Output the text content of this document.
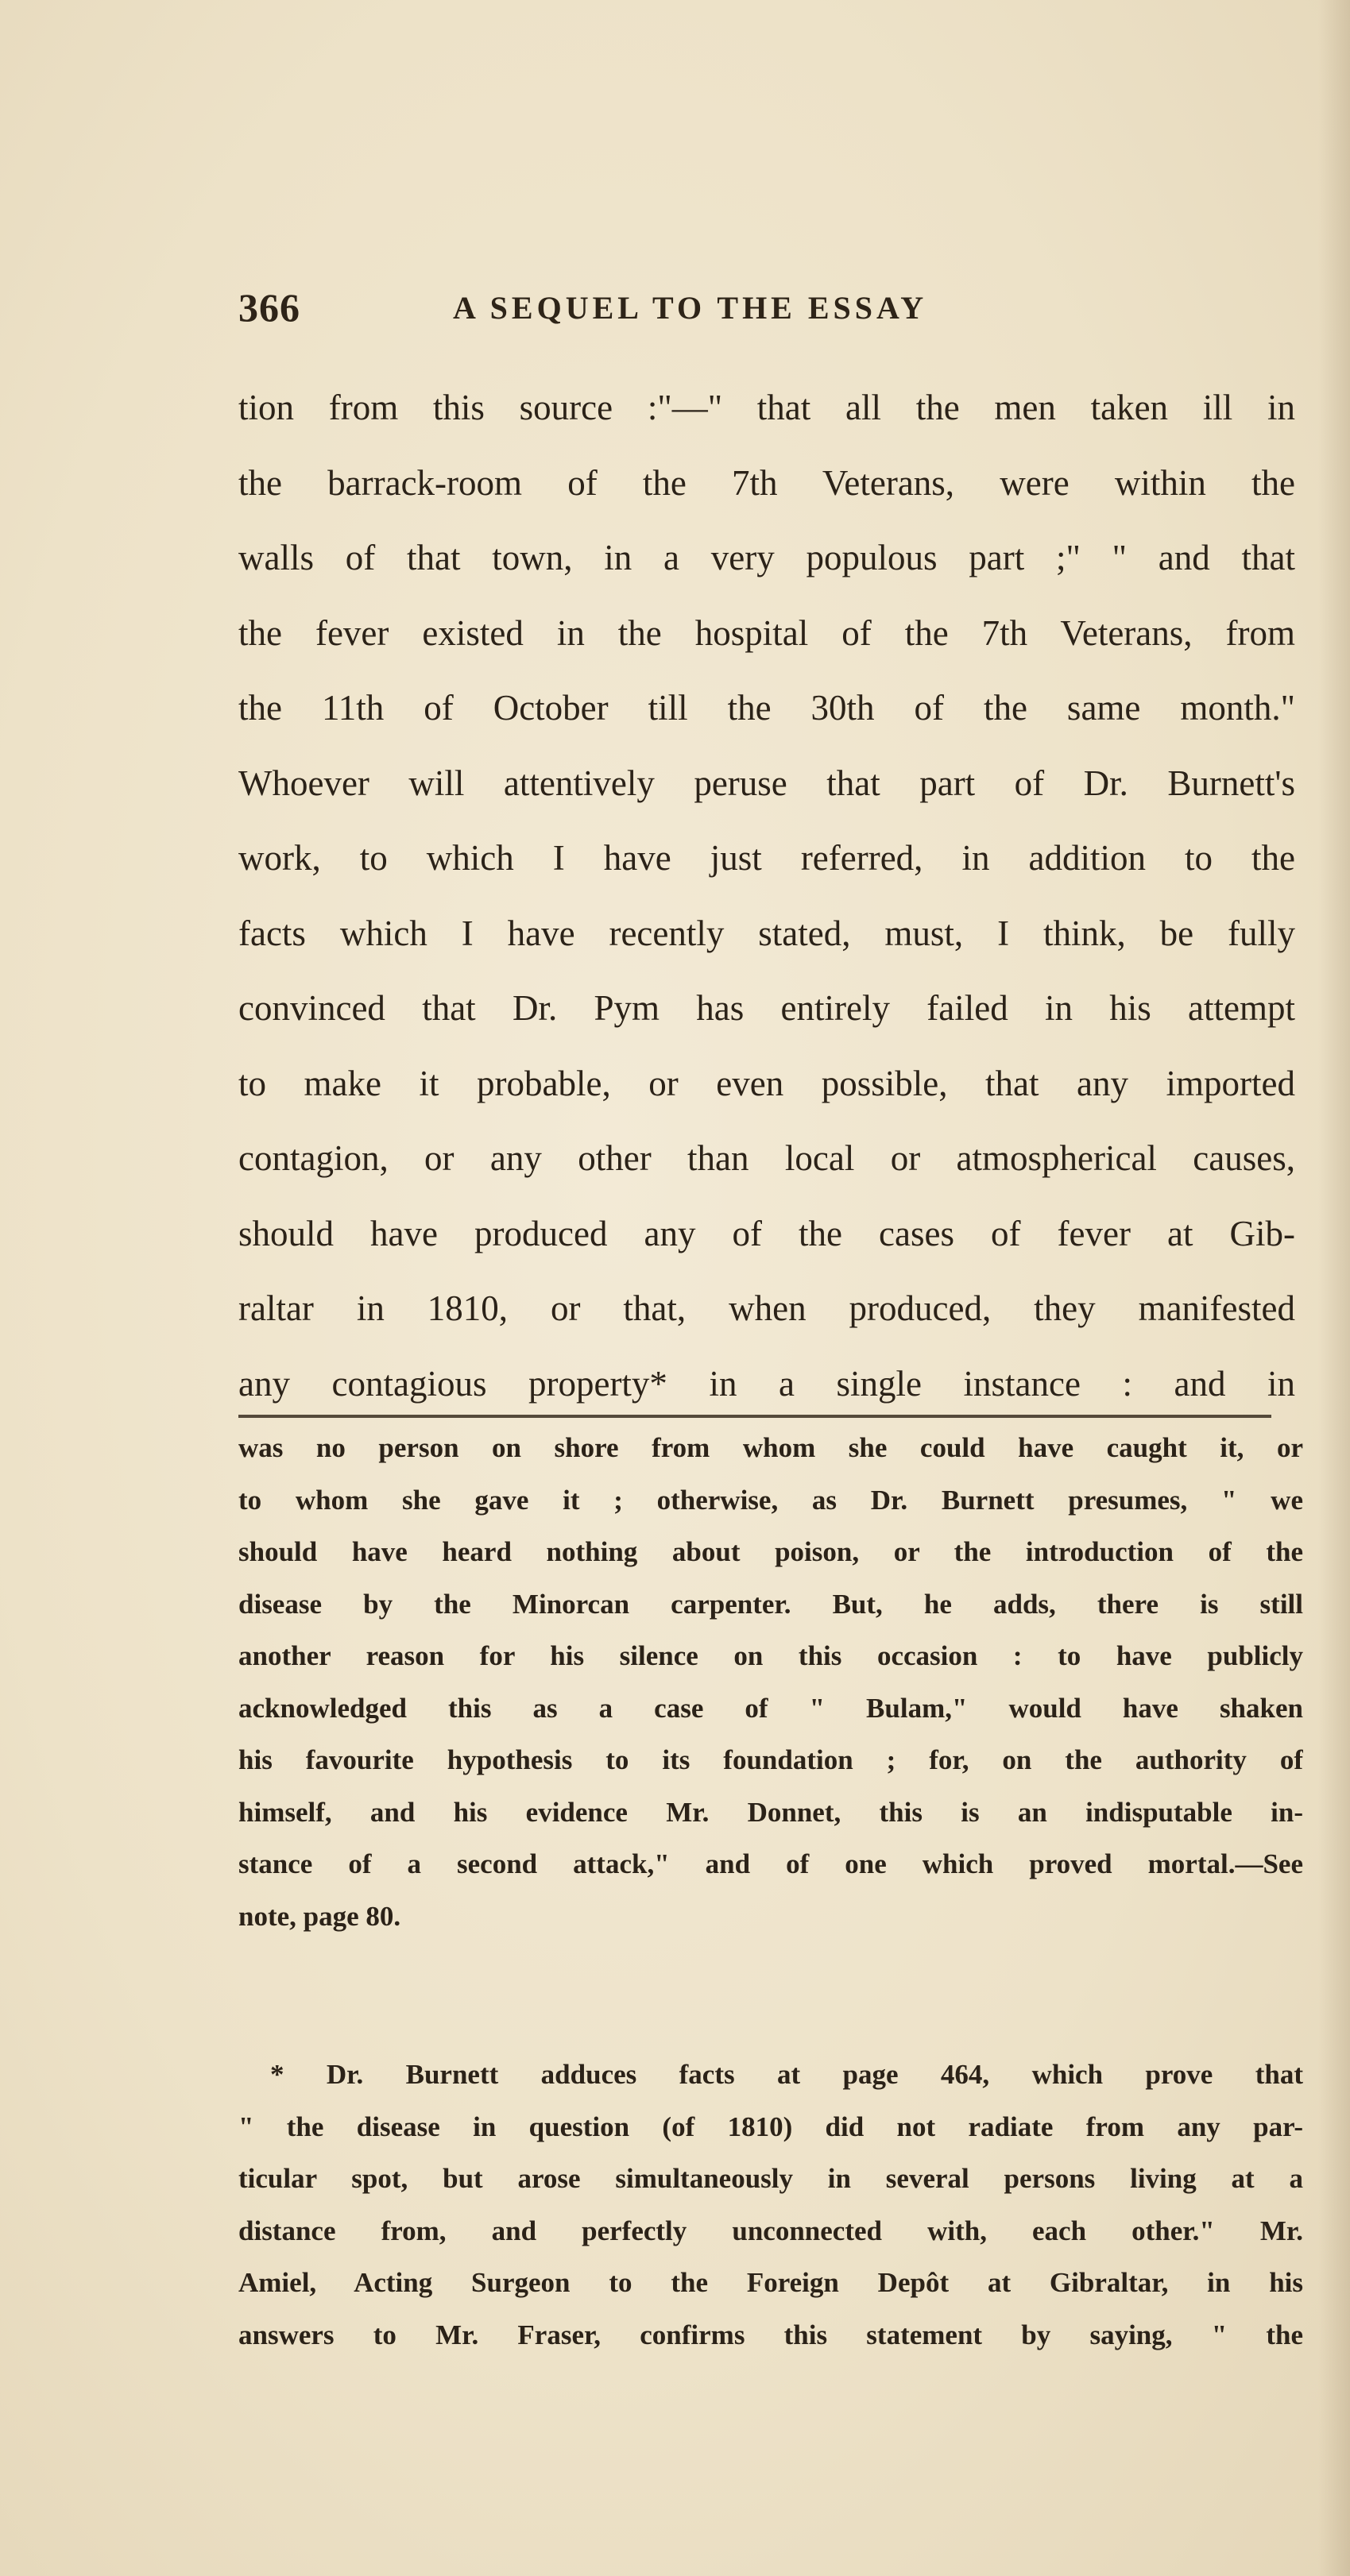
366	A SEQUEL TO THE ESSAY
tion from this source :"—" that all the men taken ill in
the barrack-room of the 7th Veterans, were within the
walls of that town, in a very populous part ;" " and that
the fever existed in the hospital of the 7th Veterans, from
the 11th of October till the 30th of the same month."
Whoever will attentively peruse that part of Dr. Burnett's
work, to which I have just referred, in addition to the
facts which I have recently stated, must, I think, be fully
convinced that Dr. Pym has entirely failed in his attempt
to make it probable, or even possible, that any imported
contagion, or any other than local or atmospherical causes,
should have produced any of the cases of fever at Gib-
raltar in 1810, or that, when produced, they manifested
any contagious property* in a single instance : and in
was no person on shore from whom she could have caught it, or
to whom she gave it ; otherwise, as Dr. Burnett presumes, " we
should have heard nothing about poison, or the introduction of the
disease by the Minorcan carpenter. But, he adds, there is still
another reason for his silence on this occasion : to have publicly
acknowledged this as a case of " Bulam," would have shaken
his favourite hypothesis to its foundation ; for, on the authority of
himself, and his evidence Mr. Donnet, this is an indisputable in-
stance of a second attack," and of one which proved mortal.—See
note, page 80.
* Dr. Burnett adduces facts at page 464, which prove that
" the disease in question (of 1810) did not radiate from any par-
ticular spot, but arose simultaneously in several persons living at a
distance from, and perfectly unconnected with, each other." Mr.
Amiel, Acting Surgeon to the Foreign Depôt at Gibraltar, in his
answers to Mr. Fraser, confirms this statement by saying, " the
